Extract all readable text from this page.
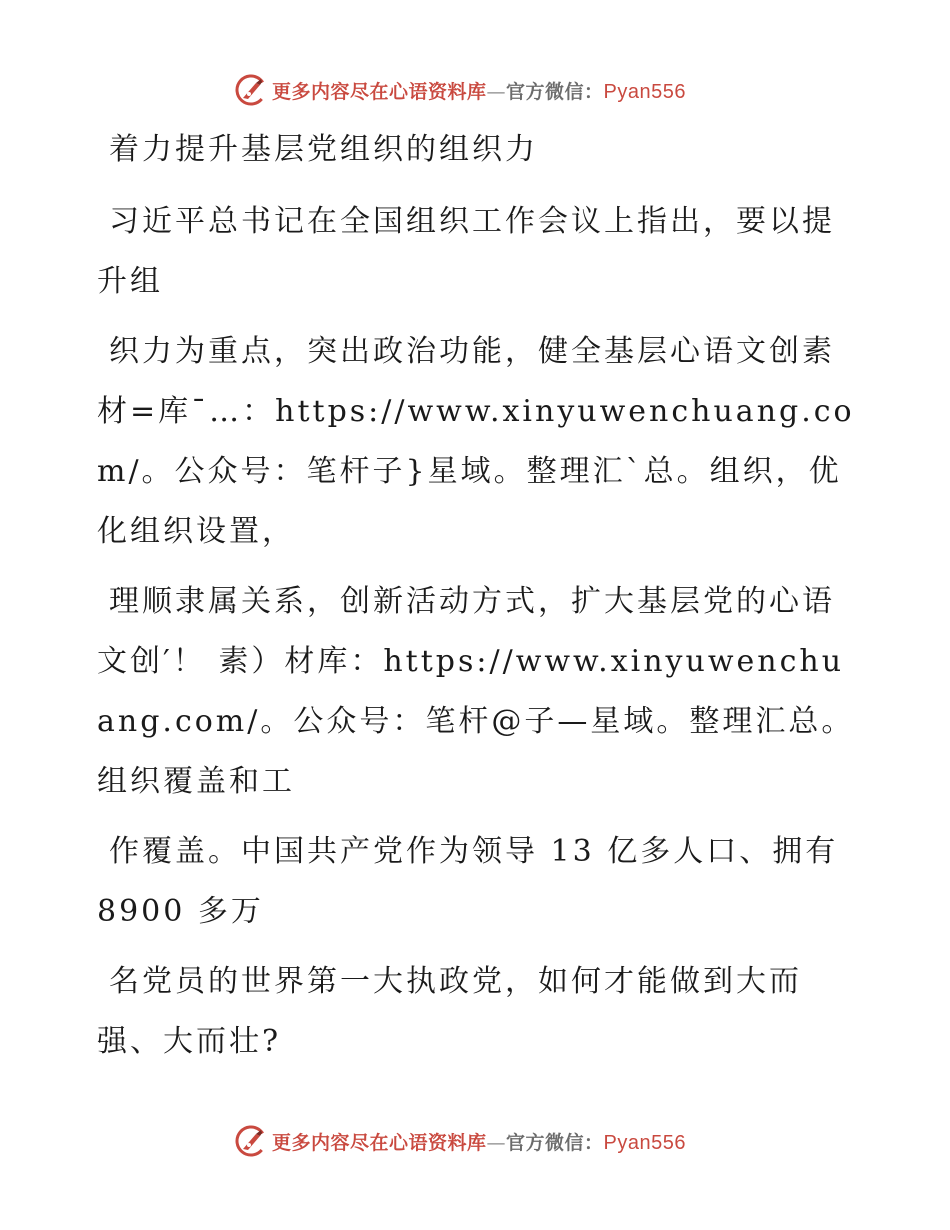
更多内容尽在心语资料库—官方微信：Pyan556

着力提升基层党组织的组织力

习近平总书记在全国组织工作会议上指出，要以提升组

织力为重点，突出政治功能，健全基层心语文创素材=库¯…：https://www.xinyuwenchuang.com/。公众号：笔杆子}星域。整理汇`总。组织，优化组织设置，

理顺隶属关系，创新活动方式，扩大基层党的心语文创′！ 素）材库：https://www.xinyuwenchuang.com/。公众号：笔杆@子—星域。整理汇总。组织覆盖和工

作覆盖。中国共产党作为领导 13 亿多人口、拥有 8900 多万

名党员的世界第一大执政党，如何才能做到大而强、大而壮?

更多内容尽在心语资料库—官方微信：Pyan556
